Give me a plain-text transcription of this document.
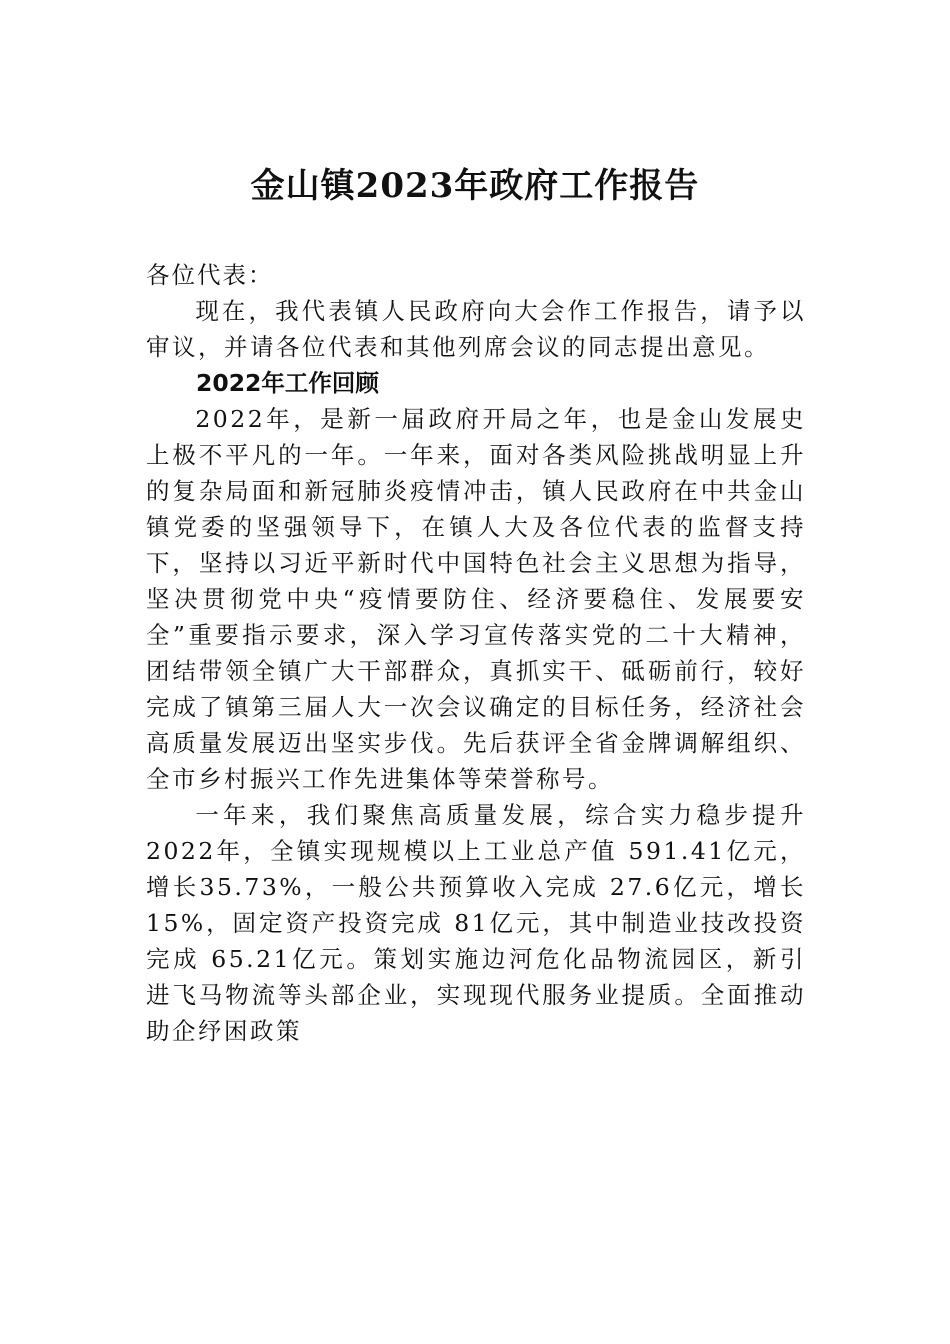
金山镇2023年政府工作报告

各位代表：

现在，我代表镇人民政府向大会作工作报告，请予以审议，并请各位代表和其他列席会议的同志提出意见。

2022年工作回顾

2022年，是新一届政府开局之年，也是金山发展史上极不平凡的一年。一年来，面对各类风险挑战明显上升的复杂局面和新冠肺炎疫情冲击，镇人民政府在中共金山镇党委的坚强领导下，在镇人大及各位代表的监督支持下，坚持以习近平新时代中国特色社会主义思想为指导，坚决贯彻党中央“疫情要防住、经济要稳住、发展要安全”重要指示要求，深入学习宣传落实党的二十大精神，团结带领全镇广大干部群众，真抓实干、砥砺前行，较好完成了镇第三届人大一次会议确定的目标任务，经济社会高质量发展迈出坚实步伐。先后获评全省金牌调解组织、全市乡村振兴工作先进集体等荣誉称号。

一年来，我们聚焦高质量发展，综合实力稳步提升2022年，全镇实现规模以上工业总产值 591.41亿元，增长35.73%，一般公共预算收入完成 27.6亿元，增长 15%，固定资产投资完成 81亿元，其中制造业技改投资完成 65.21亿元。策划实施边河危化品物流园区，新引进飞马物流等头部企业，实现现代服务业提质。全面推动助企纾困政策
